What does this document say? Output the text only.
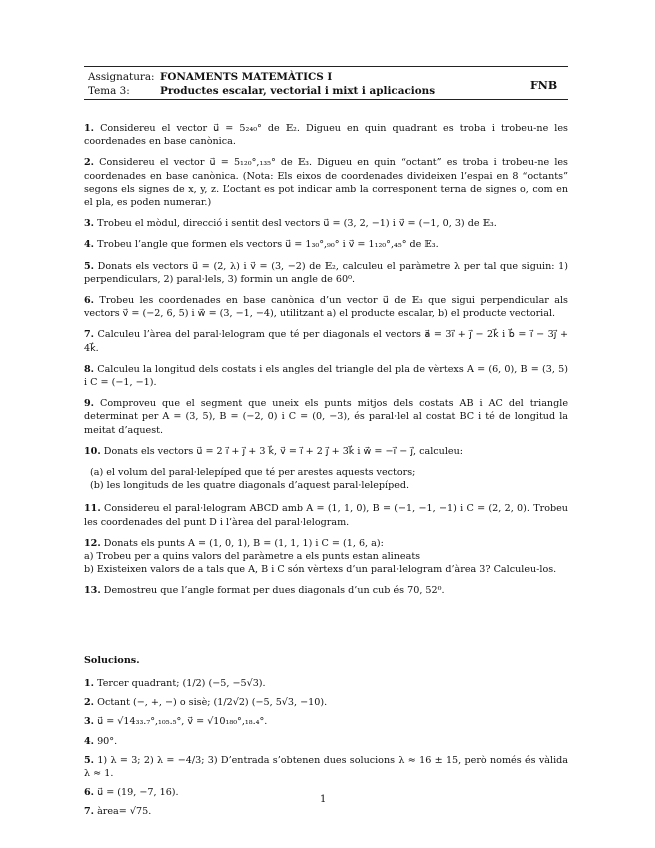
Assignatura: FONAMENTS MATEMÀTICS I
Tema 3:	Productes escalar, vectorial i mixt i aplicacions	FNB

1. Considereu el vector u⃗ = 5₂₄₀° de 𝔼₂. Digueu en quin quadrant es troba i trobeu-ne les coordenades en base canònica.

2. Considereu el vector u⃗ = 5₁₂₀°,₁₃₅° de 𝔼₃. Digueu en quin “octant” es troba i trobeu-ne les coordenades en base canònica. (Nota: Els eixos de coordenades divideixen l’espai en 8 “octants” segons els signes de x, y, z. L’octant es pot indicar amb la corresponent terna de signes o, com en el pla, es poden numerar.)

3. Trobeu el mòdul, direcció i sentit desl vectors u⃗ = (3, 2, −1) i v⃗ = (−1, 0, 3) de 𝔼₃.

4. Trobeu l’angle que formen els vectors u⃗ = 1₃₀°,₉₀° i v⃗ = 1₁₂₀°,₄₅° de 𝔼₃.

5. Donats els vectors u⃗ = (2, λ) i v⃗ = (3, −2) de 𝔼₂, calculeu el paràmetre λ per tal que siguin: 1) perpendiculars, 2) paral·lels, 3) formin un angle de 60⁰.

6. Trobeu les coordenades en base canònica d’un vector u⃗ de 𝔼₃ que sigui perpendicular als vectors v⃗ = (−2, 6, 5) i w⃗ = (3, −1, −4), utilitzant a) el producte escalar, b) el producte vectorial.

7. Calculeu l’àrea del paral·lelogram que té per diagonals el vectors a⃗ = 3i⃗ + j⃗ − 2k⃗ i b⃗ = i⃗ − 3j⃗ + 4k⃗.

8. Calculeu la longitud dels costats i els angles del triangle del pla de vèrtexs A = (6, 0), B = (3, 5) i C = (−1, −1).

9. Comproveu que el segment que uneix els punts mitjos dels costats AB i AC del triangle determinat per A = (3, 5), B = (−2, 0) i C = (0, −3), és paral·lel al costat BC i té de longitud la meitat d’aquest.

10. Donats els vectors u⃗ = 2 i⃗ + j⃗ + 3 k⃗, v⃗ = i⃗ + 2 j⃗ + 3k⃗ i w⃗ = −i⃗ − j⃗, calculeu:

(a) el volum del paral·lelepíped que té per arestes aquests vectors;

(b) les longituds de les quatre diagonals d’aquest paral·lelepíped.

11. Considereu el paral·lelogram ABCD amb A = (1, 1, 0), B = (−1, −1, −1) i C = (2, 2, 0). Trobeu les coordenades del punt D i l’àrea del paral·lelogram.

12. Donats els punts A = (1, 0, 1), B = (1, 1, 1) i C = (1, 6, a):

a) Trobeu per a quins valors del paràmetre a els punts estan alineats

b) Existeixen valors de a tals que A, B i C són vèrtexs d’un paral·lelogram d’àrea 3? Calculeu-los.

13. Demostreu que l’angle format per dues diagonals d’un cub és 70, 52⁰.

Solucions.

1. Tercer quadrant; (1/2) (−5, −5√3).

2. Octant (−, +, −) o sisè; (1/2√2) (−5, 5√3, −10).

3. u⃗ = √14₃₃.₇°,₁₀₅.₅°, v⃗ = √10₁₈₀°,₁₈.₄°.

4. 90°.

5. 1) λ = 3; 2) λ = −4/3; 3) D’entrada s’obtenen dues solucions λ ≈ 16 ± 15, però només és vàlida λ ≈ 1.

6. u⃗ = (19, −7, 16).

7. àrea= √75.

1
